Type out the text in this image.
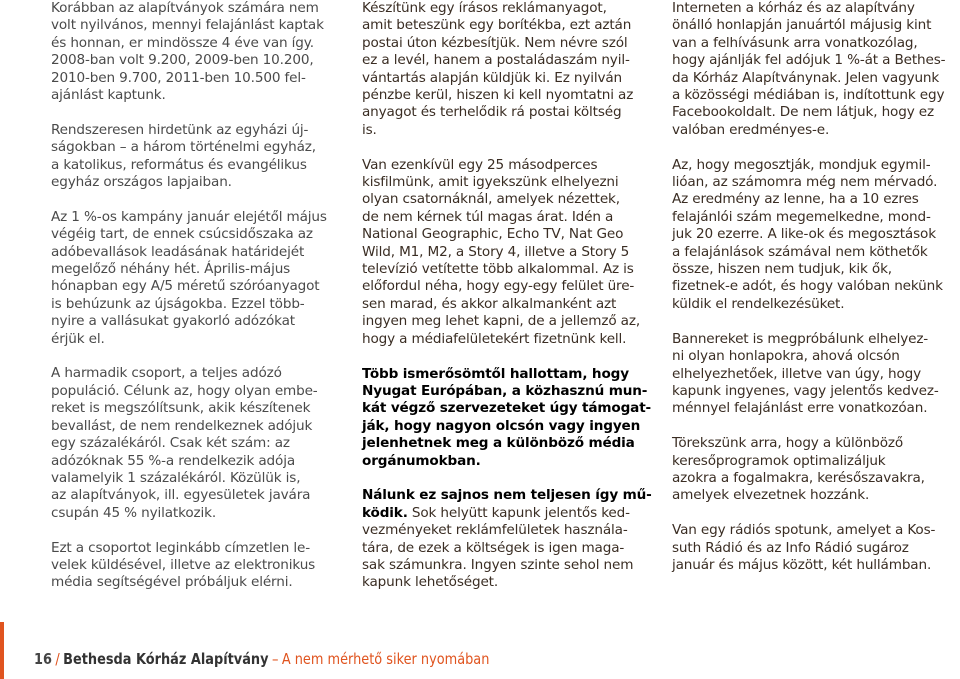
Korábban az alapítványok számára nem
volt nyilvános, mennyi felajánlást kaptak
és honnan, er mindössze 4 éve van így.
2008-ban volt 9.200, 2009-ben 10.200,
2010-ben 9.700, 2011-ben 10.500 fel-
ajánlást kaptunk.
Rendszeresen hirdetünk az egyházi új-
ságokban – a három történelmi egyház,
a katolikus, református és evangélikus
egyház országos lapjaiban.
Az 1 %-os kampány január elejétől május
végéig tart, de ennek csúcsidőszaka az
adóbevallások leadásának határidejét
megelőző néhány hét. Április-május
hónapban egy A/5 méretű szóróanyagot
is behúzunk az újságokba. Ezzel több-
nyire a vallásukat gyakorló adózókat
érjük el.
A harmadik csoport, a teljes adózó
populáció. Célunk az, hogy olyan embe-
reket is megszólítsunk, akik készítenek
bevallást, de nem rendelkeznek adójuk
egy százalékáról. Csak két szám: az
adózóknak 55 %-a rendelkezik adója
valamelyik 1 százalékáról. Közülük is,
az alapítványok, ill. egyesületek javára
csupán 45 % nyilatkozik.
Ezt a csoportot leginkább címzetlen le-
velek küldésével, illetve az elektronikus
média segítségével próbáljuk elérni.
Készítünk egy írásos reklámanyagot,
amit beteszünk egy borítékba, ezt aztán
postai úton kézbesítjük. Nem névre szól
ez a levél, hanem a postaládaszám nyil-
vántartás alapján küldjük ki. Ez nyilván
pénzbe kerül, hiszen ki kell nyomtatni az
anyagot és terhelődik rá postai költség
is.
Van ezenkívül egy 25 másodperces
kisfilmünk, amit igyekszünk elhelyezni
olyan csatornáknál, amelyek nézettek,
de nem kérnek túl magas árat. Idén a
National Geographic, Echo TV, Nat Geo
Wild, M1, M2, a Story 4, illetve a Story 5
televízió vetítette több alkalommal. Az is
előfordul néha, hogy egy-egy felület üre-
sen marad, és akkor alkalmanként azt
ingyen meg lehet kapni, de a jellemző az,
hogy a médiafelületekért fizetnünk kell.
Több ismerősömtől hallottam, hogy
Nyugat Európában, a közhasznú mun-
kát végző szervezeteket úgy támogat-
ják, hogy nagyon olcsón vagy ingyen
jelenhetnek meg a különböző média
orgánumokban.
Nálunk ez sajnos nem teljesen így mű-
ködik. Sok helyütt kapunk jelentős ked-
vezményeket reklámfelületek használa-
tára, de ezek a költségek is igen maga-
sak számunkra. Ingyen szinte sehol nem
kapunk lehetőséget.
Interneten a kórház és az alapítvány
önálló honlapján januártól májusig kint
van a felhívásunk arra vonatkozólag,
hogy ajánlják fel adójuk 1 %-át a Bethes-
da Kórház Alapítványnak. Jelen vagyunk
a közösségi médiában is, indítottunk egy
Facebookoldalt. De nem látjuk, hogy ez
valóban eredményes-e.
Az, hogy megosztják, mondjuk egymil-
lióan, az számomra még nem mérvadó.
Az eredmény az lenne, ha a 10 ezres
felajánlói szám megemelkedne, mond-
juk 20 ezerre. A like-ok és megosztások
a felajánlások számával nem köthetők
össze, hiszen nem tudjuk, kik ők,
fizetnek-e adót, és hogy valóban nekünk
küldik el rendelkezésüket.
Bannereket is megpróbálunk elhelyez-
ni olyan honlapokra, ahová olcsón
elhelyezhetőek, illetve van úgy, hogy
kapunk ingyenes, vagy jelentős kedvez-
ménnyel felajánlást erre vonatkozóan.
Törekszünk arra, hogy a különböző
keresőprogramok optimalizáljuk
azokra a fogalmakra, kerésőszavakra,
amelyek elvezetnek hozzánk.
Van egy rádiós spotunk, amelyet a Kos-
suth Rádió és az Info Rádió sugároz
január és május között, két hullámban.
16 / Bethesda Kórház Alapítvány – A nem mérhető siker nyomában
